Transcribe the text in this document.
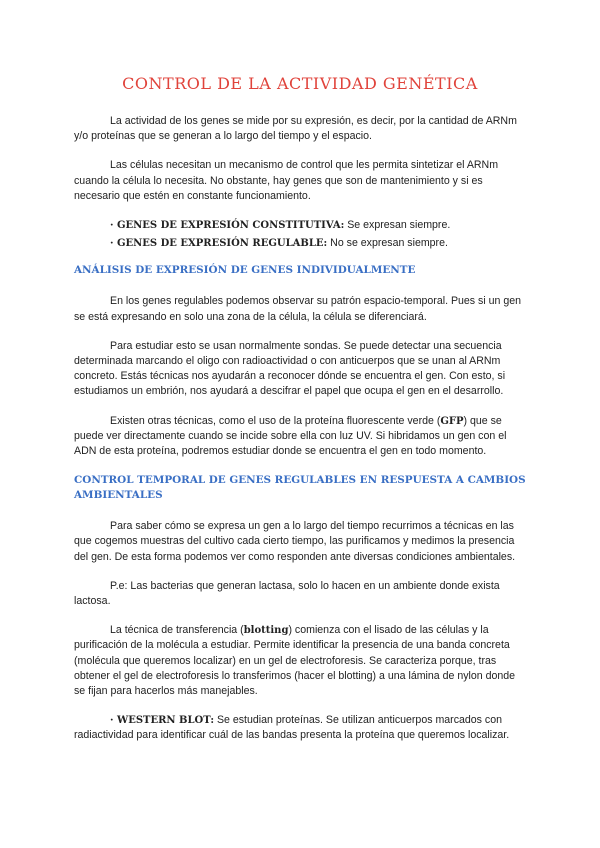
CONTROL DE LA ACTIVIDAD GENÉTICA

La actividad de los genes se mide por su expresión, es decir, por la cantidad de ARNm y/o proteínas que se generan a lo largo del tiempo y el espacio.

Las células necesitan un mecanismo de control que les permita sintetizar el ARNm cuando la célula lo necesita. No obstante, hay genes que son de mantenimiento y si es necesario que estén en constante funcionamiento.

· GENES DE EXPRESIÓN CONSTITUTIVA: Se expresan siempre.
· GENES DE EXPRESIÓN REGULABLE: No se expresan siempre.
ANÁLISIS DE EXPRESIÓN DE GENES INDIVIDUALMENTE

En los genes regulables podemos observar su patrón espacio-temporal. Pues si un gen se está expresando en solo una zona de la célula, la célula se diferenciará.

Para estudiar esto se usan normalmente sondas. Se puede detectar una secuencia determinada marcando el oligo con radioactividad o con anticuerpos que se unan al ARNm concreto. Estás técnicas nos ayudarán a reconocer dónde se encuentra el gen. Con esto, si estudiamos un embrión, nos ayudará a descifrar el papel que ocupa el gen en el desarrollo.

Existen otras técnicas, como el uso de la proteína fluorescente verde (GFP) que se puede ver directamente cuando se incide sobre ella con luz UV. Si hibridamos un gen con el ADN de esta proteína, podremos estudiar donde se encuentra el gen en todo momento.

CONTROL TEMPORAL DE GENES REGULABLES EN RESPUESTA A CAMBIOS AMBIENTALES

Para saber cómo se expresa un gen a lo largo del tiempo recurrimos a técnicas en las que cogemos muestras del cultivo cada cierto tiempo, las purificamos y medimos la presencia del gen. De esta forma podemos ver como responden ante diversas condiciones ambientales.

P.e: Las bacterias que generan lactasa, solo lo hacen en un ambiente donde exista lactosa.

La técnica de transferencia (blotting) comienza con el lisado de las células y la purificación de la molécula a estudiar. Permite identificar la presencia de una banda concreta (molécula que queremos localizar) en un gel de electroforesis. Se caracteriza porque, tras obtener el gel de electroforesis lo transferimos (hacer el blotting) a una lámina de nylon donde se fijan para hacerlos más manejables.

· WESTERN BLOT: Se estudian proteínas. Se utilizan anticuerpos marcados con radiactividad para identificar cuál de las bandas presenta la proteína que queremos localizar.
